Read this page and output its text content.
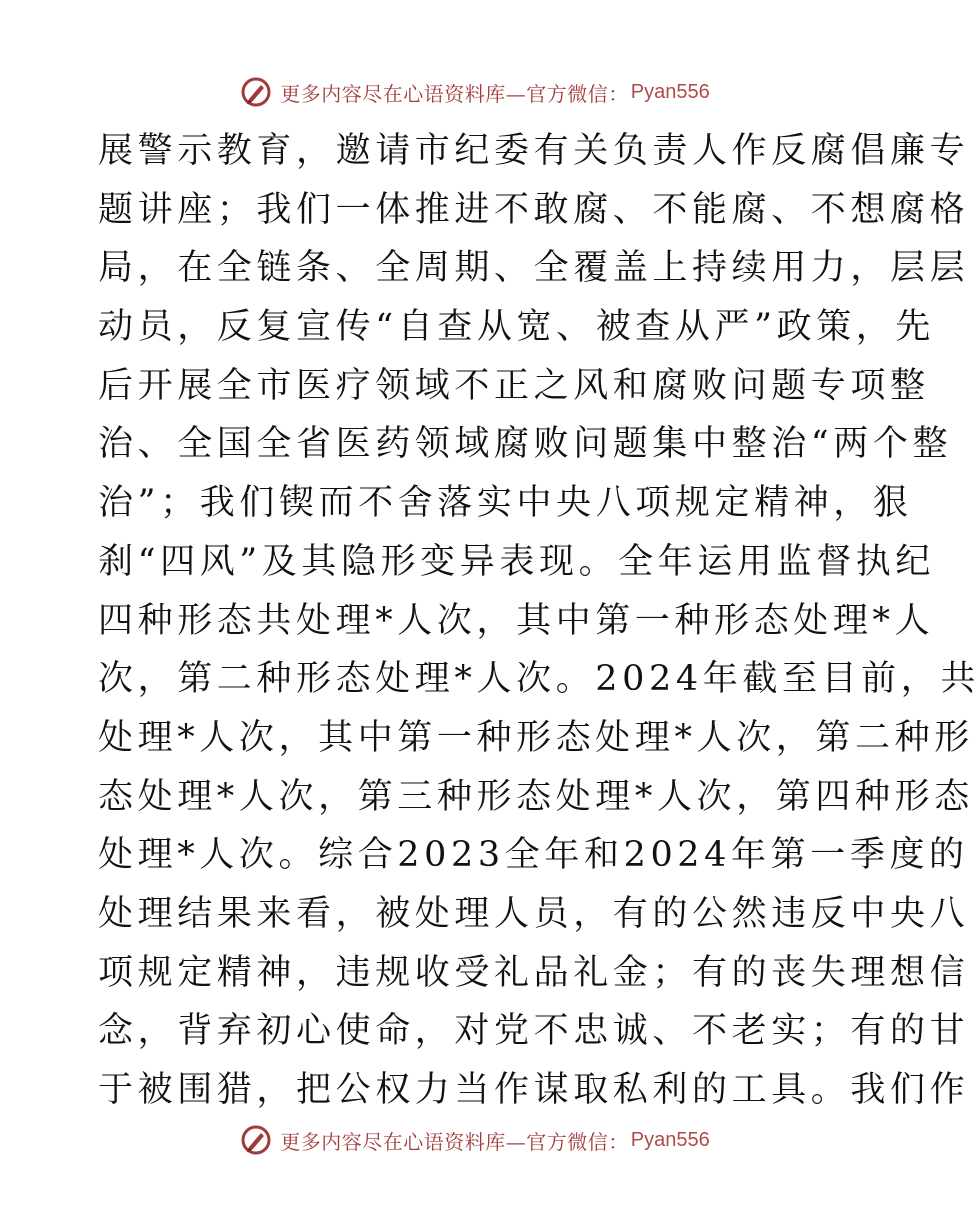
更多内容尽在心语资料库—官方微信： Pyan556
展警示教育，邀请市纪委有关负责人作反腐倡廉专
题讲座；我们一体推进不敢腐、不能腐、不想腐格
局，在全链条、全周期、全覆盖上持续用力，层层
动员，反复宣传“自查从宽、被查从严”政策，先
后开展全市医疗领域不正之风和腐败问题专项整
治、全国全省医药领域腐败问题集中整治“两个整
治”；我们锲而不舍落实中央八项规定精神，狠
刹“四风”及其隐形变异表现。全年运用监督执纪
四种形态共处理*人次，其中第一种形态处理*人
次，第二种形态处理*人次。2024年截至目前，共
处理*人次，其中第一种形态处理*人次，第二种形
态处理*人次，第三种形态处理*人次，第四种形态
处理*人次。综合2023全年和2024年第一季度的
处理结果来看，被处理人员，有的公然违反中央八
项规定精神，违规收受礼品礼金；有的丧失理想信
念，背弃初心使命，对党不忠诚、不老实；有的甘
于被围猎，把公权力当作谋取私利的工具。我们作
更多内容尽在心语资料库—官方微信： Pyan556
